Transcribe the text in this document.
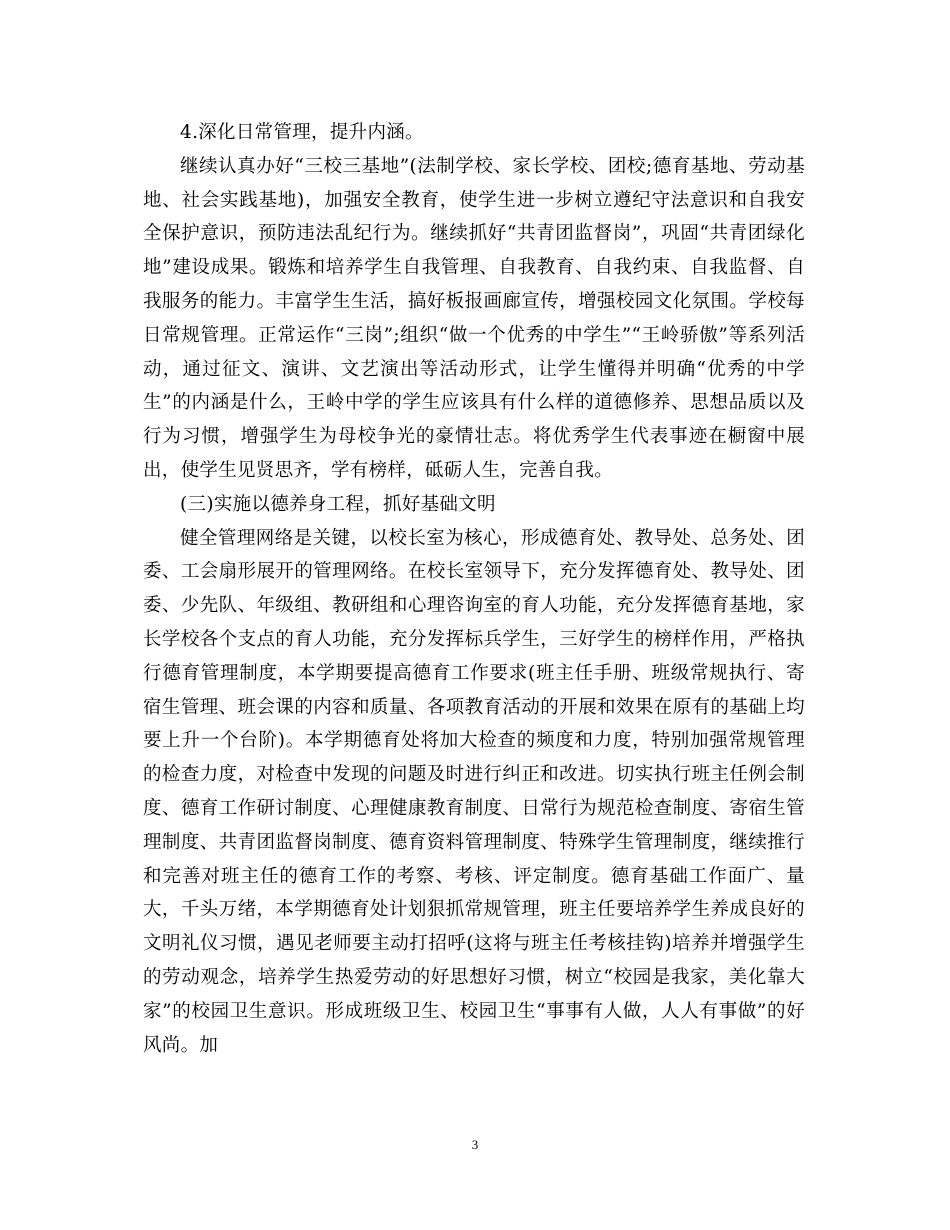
4.深化日常管理，提升内涵。

继续认真办好“三校三基地”(法制学校、家长学校、团校;德育基地、劳动基地、社会实践基地)，加强安全教育，使学生进一步树立遵纪守法意识和自我安全保护意识，预防违法乱纪行为。继续抓好“共青团监督岗”，巩固“共青团绿化地”建设成果。锻炼和培养学生自我管理、自我教育、自我约束、自我监督、自我服务的能力。丰富学生生活，搞好板报画廊宣传，增强校园文化氛围。学校每日常规管理。正常运作“三岗”;组织“做一个优秀的中学生”“王岭骄傲”等系列活动，通过征文、演讲、文艺演出等活动形式，让学生懂得并明确“优秀的中学生”的内涵是什么，王岭中学的学生应该具有什么样的道德修养、思想品质以及行为习惯，增强学生为母校争光的豪情壮志。将优秀学生代表事迹在橱窗中展出，使学生见贤思齐，学有榜样，砥砺人生，完善自我。

(三)实施以德养身工程，抓好基础文明

健全管理网络是关键，以校长室为核心，形成德育处、教导处、总务处、团委、工会扇形展开的管理网络。在校长室领导下，充分发挥德育处、教导处、团委、少先队、年级组、教研组和心理咨询室的育人功能，充分发挥德育基地，家长学校各个支点的育人功能，充分发挥标兵学生，三好学生的榜样作用，严格执行德育管理制度，本学期要提高德育工作要求(班主任手册、班级常规执行、寄宿生管理、班会课的内容和质量、各项教育活动的开展和效果在原有的基础上均要上升一个台阶)。本学期德育处将加大检查的频度和力度，特别加强常规管理的检查力度，对检查中发现的问题及时进行纠正和改进。切实执行班主任例会制度、德育工作研讨制度、心理健康教育制度、日常行为规范检查制度、寄宿生管理制度、共青团监督岗制度、德育资料管理制度、特殊学生管理制度，继续推行和完善对班主任的德育工作的考察、考核、评定制度。德育基础工作面广、量大，千头万绪，本学期德育处计划狠抓常规管理，班主任要培养学生养成良好的文明礼仪习惯，遇见老师要主动打招呼(这将与班主任考核挂钩)培养并增强学生的劳动观念，培养学生热爱劳动的好思想好习惯，树立“校园是我家，美化靠大家”的校园卫生意识。形成班级卫生、校园卫生“事事有人做，人人有事做”的好风尚。加

3
